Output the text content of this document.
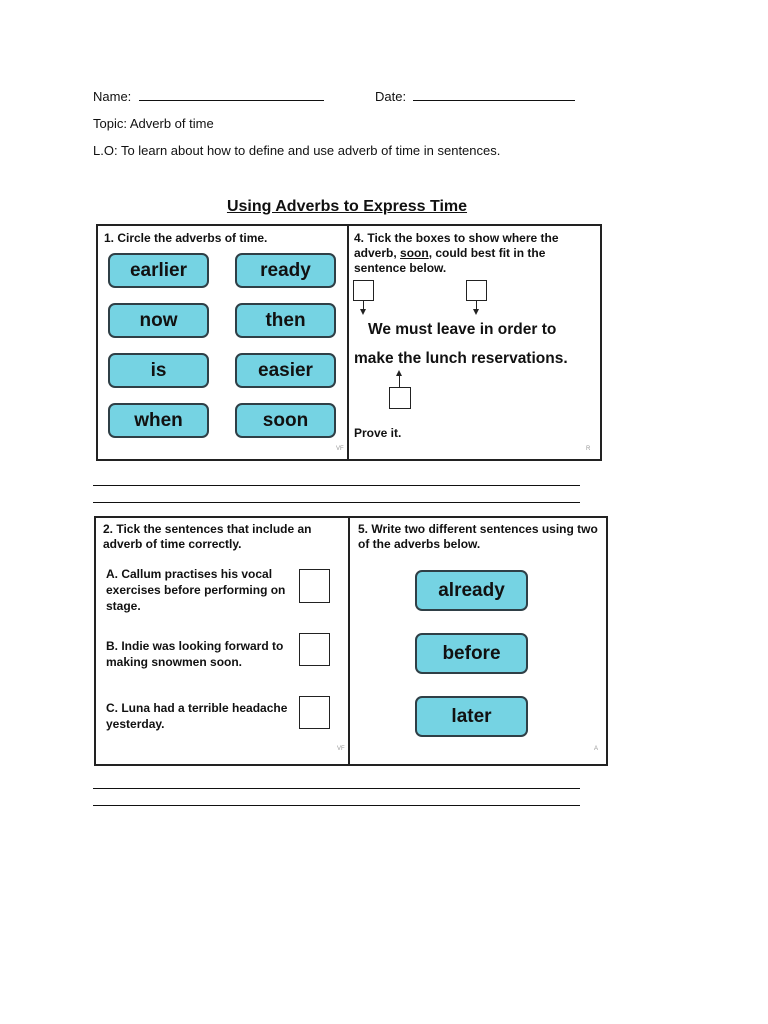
Name:	Date:
Topic: Adverb of time
L.O: To learn about how to define and use adverb of time in sentences.
Using Adverbs to Express Time
1. Circle the adverbs of time.
earlier	ready
now	then
is	easier
when	soon
VF
4. Tick the boxes to show where the adverb, soon, could best fit in the sentence below.
We must leave in order to
make the lunch reservations.
Prove it.
R
2. Tick the sentences that include an adverb of time correctly.
A. Callum practises his vocal exercises before performing on stage.
B. Indie was looking forward to making snowmen soon.
C. Luna had a terrible headache yesterday.
VF
5. Write two different sentences using two of the adverbs below.
already
before
later
A
